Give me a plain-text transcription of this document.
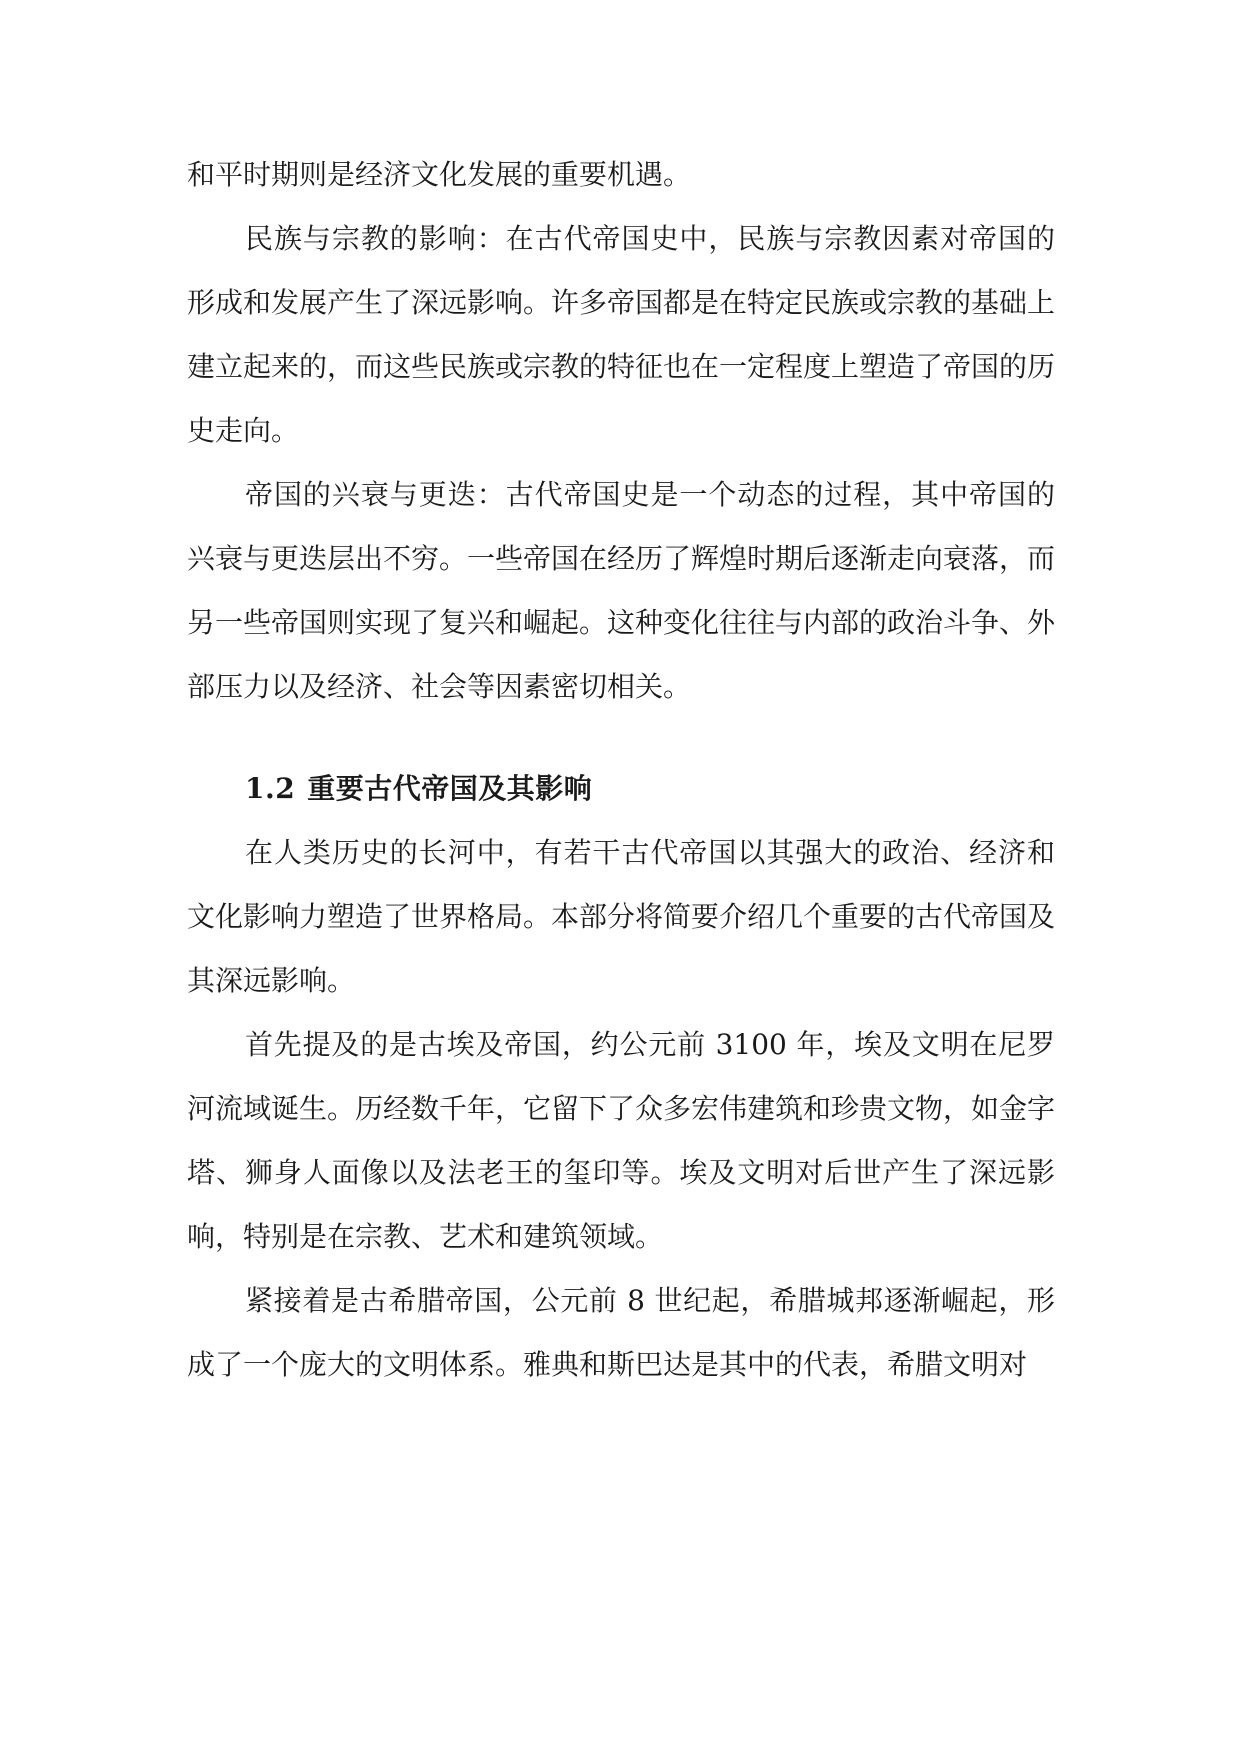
和平时期则是经济文化发展的重要机遇。

民族与宗教的影响：在古代帝国史中，民族与宗教因素对帝国的形成和发展产生了深远影响。许多帝国都是在特定民族或宗教的基础上建立起来的，而这些民族或宗教的特征也在一定程度上塑造了帝国的历史走向。

帝国的兴衰与更迭：古代帝国史是一个动态的过程，其中帝国的兴衰与更迭层出不穷。一些帝国在经历了辉煌时期后逐渐走向衰落，而另一些帝国则实现了复兴和崛起。这种变化往往与内部的政治斗争、外部压力以及经济、社会等因素密切相关。

1.2 重要古代帝国及其影响

在人类历史的长河中，有若干古代帝国以其强大的政治、经济和文化影响力塑造了世界格局。本部分将简要介绍几个重要的古代帝国及其深远影响。

首先提及的是古埃及帝国，约公元前 3100 年，埃及文明在尼罗河流域诞生。历经数千年，它留下了众多宏伟建筑和珍贵文物，如金字塔、狮身人面像以及法老王的玺印等。埃及文明对后世产生了深远影响，特别是在宗教、艺术和建筑领域。

紧接着是古希腊帝国，公元前 8 世纪起，希腊城邦逐渐崛起，形成了一个庞大的文明体系。雅典和斯巴达是其中的代表，希腊文明对
